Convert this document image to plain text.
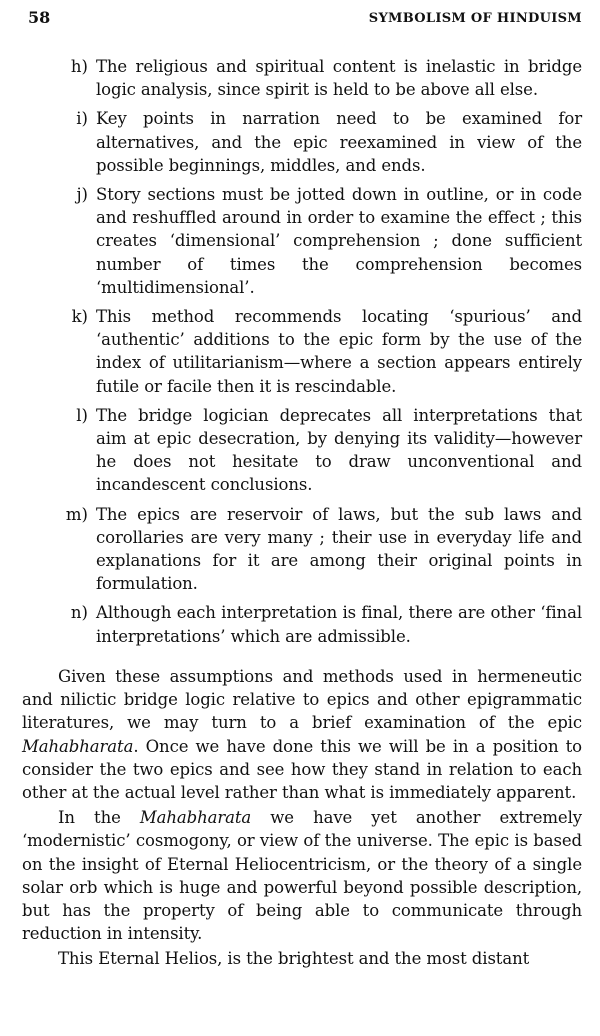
58	SYMBOLISM OF HINDUISM
h) The religious and spiritual content is inelastic in bridge logic analysis, since spirit is held to be above all else.
i) Key points in narration need to be examined for alternatives, and the epic reexamined in view of the possible beginnings, middles, and ends.
j) Story sections must be jotted down in outline, or in code and reshuffled around in order to examine the effect ; this creates ‘dimensional’ comprehension ; done sufficient number of times the comprehension becomes ‘multidimensional’.
k) This method recommends locating ‘spurious’ and ‘authentic’ additions to the epic form by the use of the index of utilitarianism—where a section appears entirely futile or facile then it is rescindable.
l) The bridge logician deprecates all interpretations that aim at epic desecration, by denying its validity—however he does not hesitate to draw unconventional and incandescent conclusions.
m) The epics are reservoir of laws, but the sub laws and corollaries are very many ; their use in everyday life and explanations for it are among their original points in formulation.
n) Although each interpretation is final, there are other ‘final interpretations’ which are admissible.

Given these assumptions and methods used in hermeneutic and nilictic bridge logic relative to epics and other epigrammatic literatures, we may turn to a brief examination of the epic Mahabharata. Once we have done this we will be in a position to consider the two epics and see how they stand in relation to each other at the actual level rather than what is immediately apparent.

In the Mahabharata we have yet another extremely ‘modernistic’ cosmogony, or view of the universe. The epic is based on the insight of Eternal Heliocentricism, or the theory of a single solar orb which is huge and powerful beyond possible description, but has the property of being able to communicate through reduction in intensity.

This Eternal Helios, is the brightest and the most distant
